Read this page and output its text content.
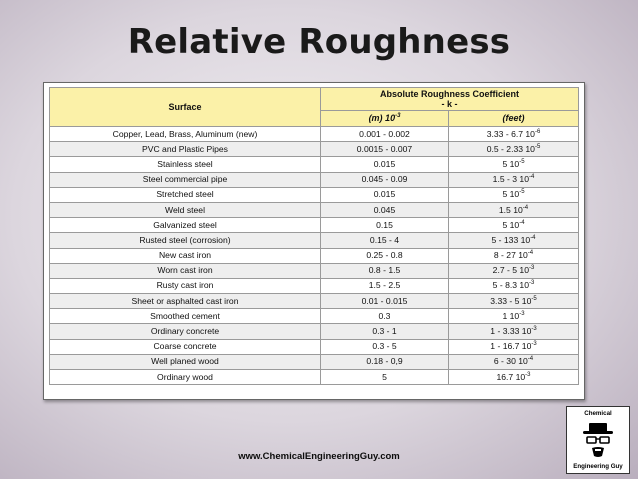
Relative Roughness
Surface	Absolute Roughness Coefficient
- k -	

	(m) $10^{-3}$	(feet)
Copper, Lead, Brass, Aluminum (new)	0.001 - 0.002	3.33 - 6.7 $10^{-6}$
PVC and Plastic Pipes	0.0015 - 0.007	0.5 - 2.33 $10^{-5}$
Stainless steel	0.015	5 $10^{-5}$
Steel commercial pipe	0.045 - 0.09	1.5 - 3 $10^{-4}$
Stretched steel	0.015	5 $10^{-5}$
Weld steel	0.045	1.5 $10^{-4}$
Galvanized steel	0.15	5 $10^{-4}$
Rusted steel (corrosion)	0.15 - 4	5 - 133 $10^{-4}$
New cast iron	0.25 - 0.8	8 - 27 $10^{-4}$
Worn cast iron	0.8 - 1.5	2.7 - 5 $10^{-3}$
Rusty cast iron	1.5 - 2.5	5 - 8.3 $10^{-3}$
Sheet or asphalted cast iron	0.01 - 0.015	3.33 - 5 $10^{-5}$
Smoothed cement	0.3	1 $10^{-3}$
Ordinary concrete	0.3 - 1	1 - 3.33 $10^{-3}$
Coarse concrete	0.3 - 5	1 - 16.7 $10^{-3}$
Well planed wood	0.18 - 0,9	6 - 30 $10^{-4}$
Ordinary wood	5	16.7 $10^{-3}$
www.ChemicalEngineeringGuy.com
Chemical
Engineering Guy
